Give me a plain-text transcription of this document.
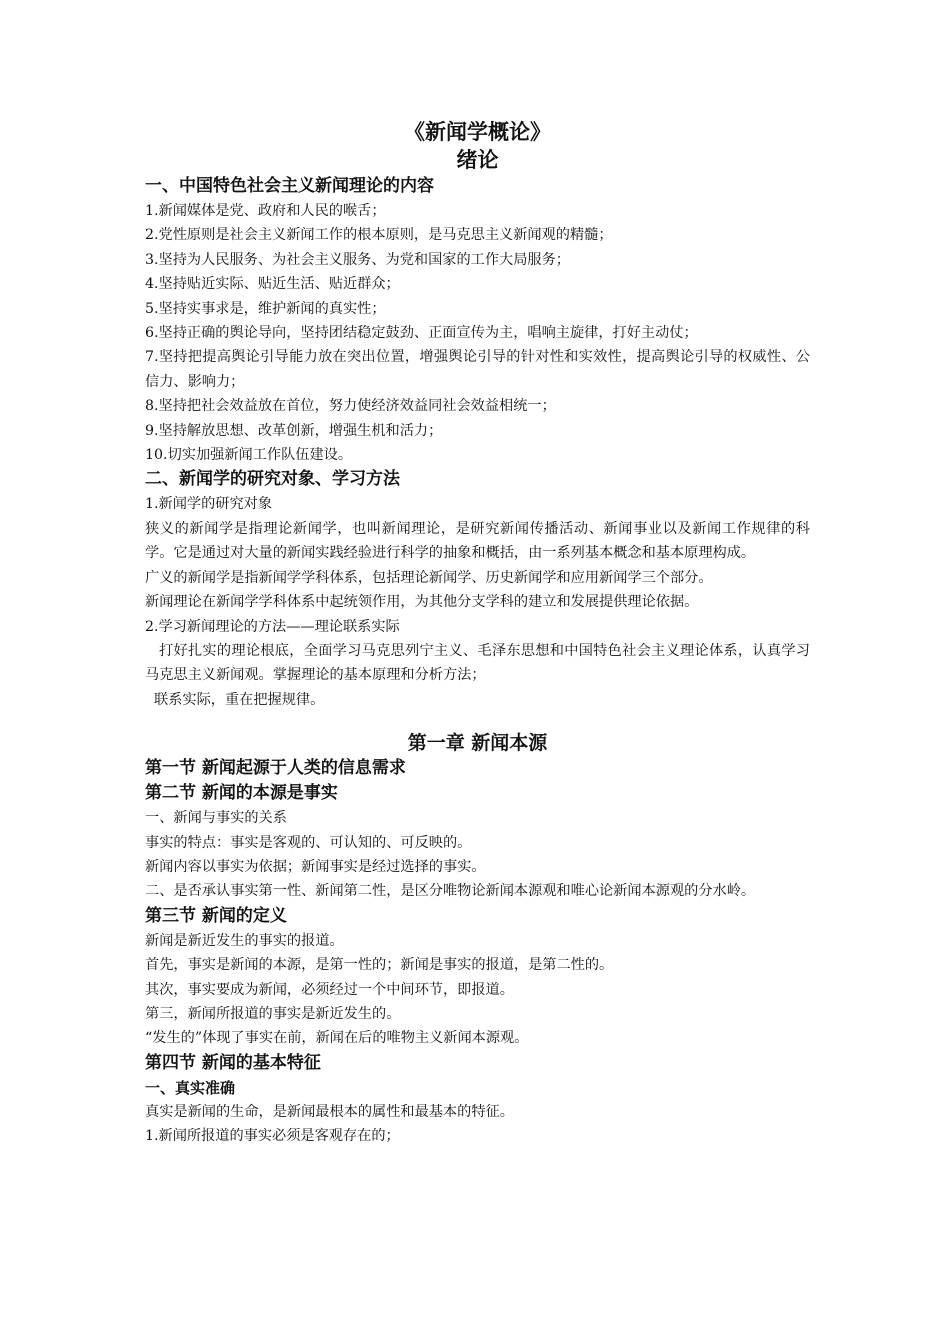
《新闻学概论》
绪论
一、中国特色社会主义新闻理论的内容
1.新闻媒体是党、政府和人民的喉舌；
2.党性原则是社会主义新闻工作的根本原则，是马克思主义新闻观的精髓；
3.坚持为人民服务、为社会主义服务、为党和国家的工作大局服务；
4.坚持贴近实际、贴近生活、贴近群众；
5.坚持实事求是，维护新闻的真实性；
6.坚持正确的舆论导向，坚持团结稳定鼓劲、正面宣传为主，唱响主旋律，打好主动仗；
7.坚持把提高舆论引导能力放在突出位置，增强舆论引导的针对性和实效性，提高舆论引导的权威性、公信力、影响力；
8.坚持把社会效益放在首位，努力使经济效益同社会效益相统一；
9.坚持解放思想、改革创新，增强生机和活力；
10.切实加强新闻工作队伍建设。
二、新闻学的研究对象、学习方法
1.新闻学的研究对象
狭义的新闻学是指理论新闻学，也叫新闻理论，是研究新闻传播活动、新闻事业以及新闻工作规律的科学。它是通过对大量的新闻实践经验进行科学的抽象和概括，由一系列基本概念和基本原理构成。
广义的新闻学是指新闻学学科体系，包括理论新闻学、历史新闻学和应用新闻学三个部分。
新闻理论在新闻学学科体系中起统领作用，为其他分支学科的建立和发展提供理论依据。
2.学习新闻理论的方法——理论联系实际
打好扎实的理论根底，全面学习马克思列宁主义、毛泽东思想和中国特色社会主义理论体系，认真学习马克思主义新闻观。掌握理论的基本原理和分析方法；
联系实际，重在把握规律。
第一章 新闻本源
第一节 新闻起源于人类的信息需求
第二节 新闻的本源是事实
一、新闻与事实的关系
事实的特点：事实是客观的、可认知的、可反映的。
新闻内容以事实为依据；新闻事实是经过选择的事实。
二、是否承认事实第一性、新闻第二性，是区分唯物论新闻本源观和唯心论新闻本源观的分水岭。
第三节 新闻的定义
新闻是新近发生的事实的报道。
首先，事实是新闻的本源，是第一性的；新闻是事实的报道，是第二性的。
其次，事实要成为新闻，必须经过一个中间环节，即报道。
第三，新闻所报道的事实是新近发生的。
“发生的”体现了事实在前，新闻在后的唯物主义新闻本源观。
第四节 新闻的基本特征
一、真实准确
真实是新闻的生命，是新闻最根本的属性和最基本的特征。
1.新闻所报道的事实必须是客观存在的；
